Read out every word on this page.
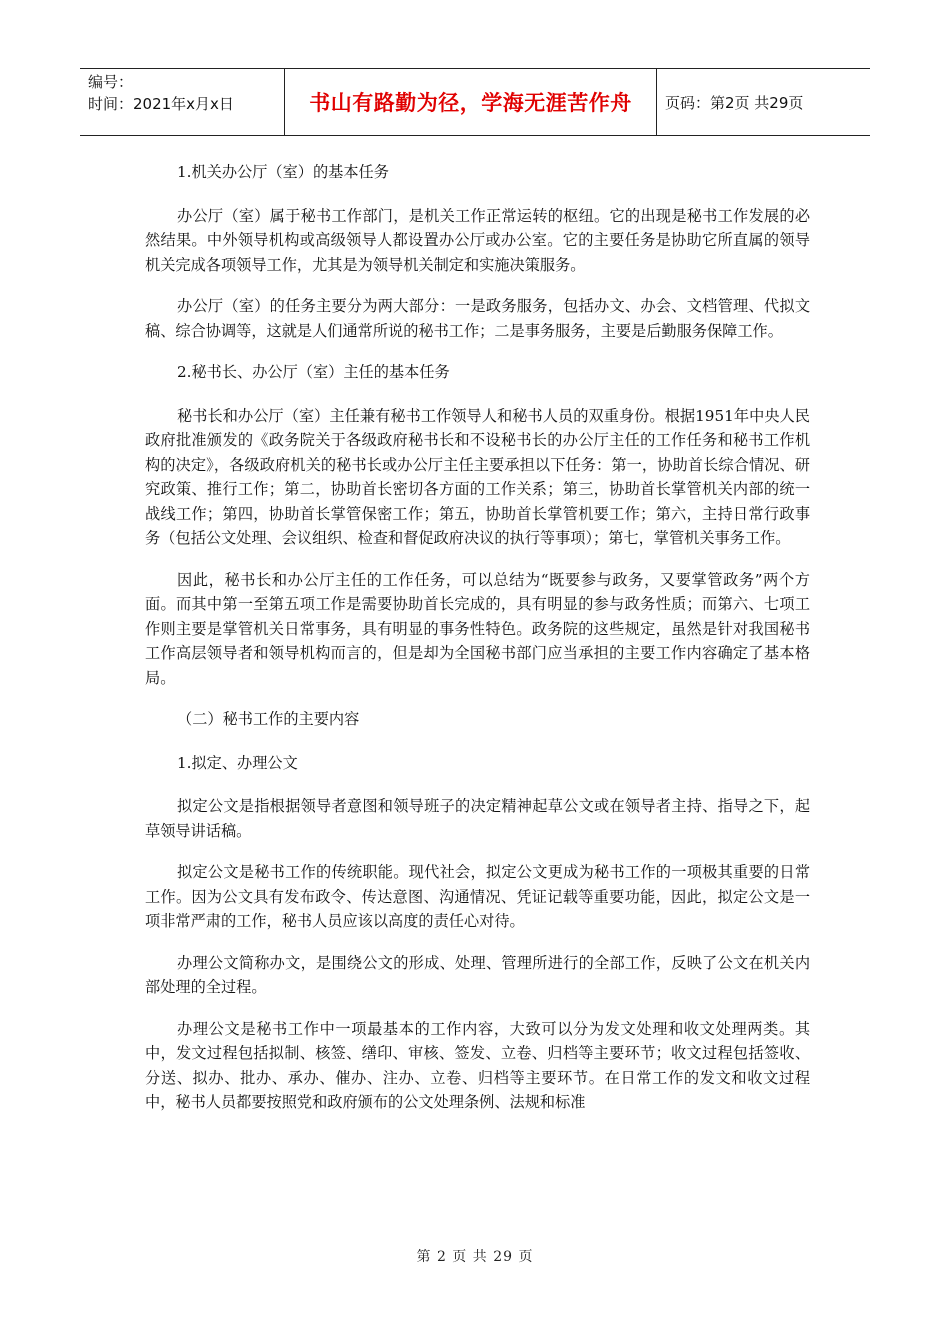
编号：
时间：2021年x月x日	书山有路勤为径，学海无涯苦作舟 页码：第2页 共29页

1.机关办公厅（室）的基本任务

办公厅（室）属于秘书工作部门，是机关工作正常运转的枢纽。它的出现是秘书工作发展的必然结果。中外领导机构或高级领导人都设置办公厅或办公室。它的主要任务是协助它所直属的领导机关完成各项领导工作，尤其是为领导机关制定和实施决策服务。

办公厅（室）的任务主要分为两大部分：一是政务服务，包括办文、办会、文档管理、代拟文稿、综合协调等，这就是人们通常所说的秘书工作；二是事务服务，主要是后勤服务保障工作。

2.秘书长、办公厅（室）主任的基本任务

秘书长和办公厅（室）主任兼有秘书工作领导人和秘书人员的双重身份。根据1951年中央人民政府批准颁发的《政务院关于各级政府秘书长和不设秘书长的办公厅主任的工作任务和秘书工作机构的决定》，各级政府机关的秘书长或办公厅主任主要承担以下任务：第一，协助首长综合情况、研究政策、推行工作；第二，协助首长密切各方面的工作关系；第三，协助首长掌管机关内部的统一战线工作；第四，协助首长掌管保密工作；第五，协助首长掌管机要工作；第六，主持日常行政事务（包括公文处理、会议组织、检查和督促政府决议的执行等事项）；第七，掌管机关事务工作。

因此，秘书长和办公厅主任的工作任务，可以总结为“既要参与政务，又要掌管政务”两个方面。而其中第一至第五项工作是需要协助首长完成的，具有明显的参与政务性质；而第六、七项工作则主要是掌管机关日常事务，具有明显的事务性特色。政务院的这些规定，虽然是针对我国秘书工作高层领导者和领导机构而言的，但是却为全国秘书部门应当承担的主要工作内容确定了基本格局。

（二）秘书工作的主要内容

1.拟定、办理公文

拟定公文是指根据领导者意图和领导班子的决定精神起草公文或在领导者主持、指导之下，起草领导讲话稿。

拟定公文是秘书工作的传统职能。现代社会，拟定公文更成为秘书工作的一项极其重要的日常工作。因为公文具有发布政令、传达意图、沟通情况、凭证记载等重要功能，因此，拟定公文是一项非常严肃的工作，秘书人员应该以高度的责任心对待。

办理公文简称办文，是围绕公文的形成、处理、管理所进行的全部工作，反映了公文在机关内部处理的全过程。

办理公文是秘书工作中一项最基本的工作内容，大致可以分为发文处理和收文处理两类。其中，发文过程包括拟制、核签、缮印、审核、签发、立卷、归档等主要环节；收文过程包括签收、分送、拟办、批办、承办、催办、注办、立卷、归档等主要环节。在日常工作的发文和收文过程中，秘书人员都要按照党和政府颁布的公文处理条例、法规和标准

第 2 页 共 29 页
